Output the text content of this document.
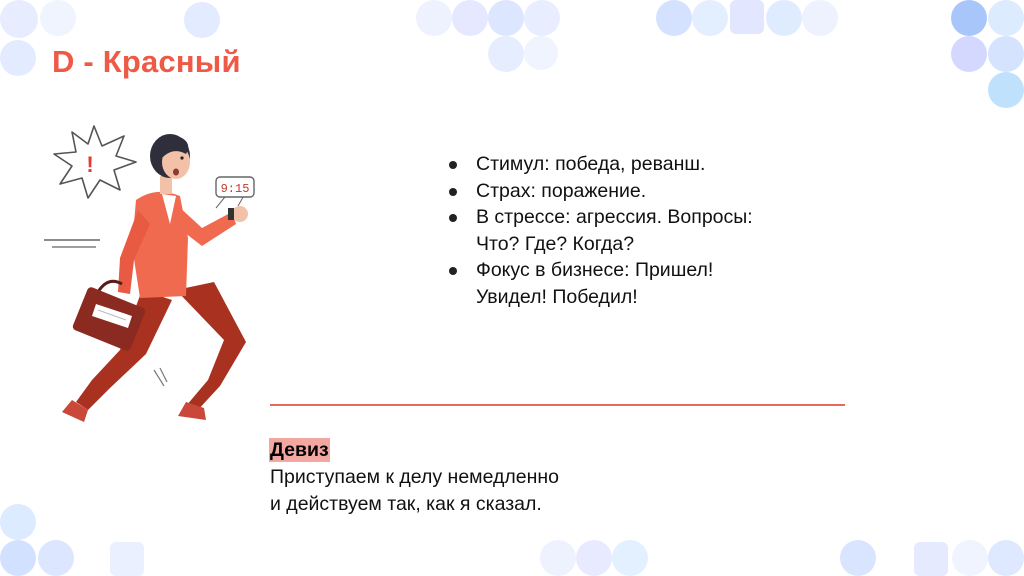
D - Красный
!
9:15
Стимул: победа, реванш.
Страх: поражение.
В стрессе: агрессия. Вопросы: Что? Где? Когда?
Фокус в бизнесе: Пришел! Увидел! Победил!
Девиз

Приступаем к делу немедленно
и действуем так, как я сказал.
